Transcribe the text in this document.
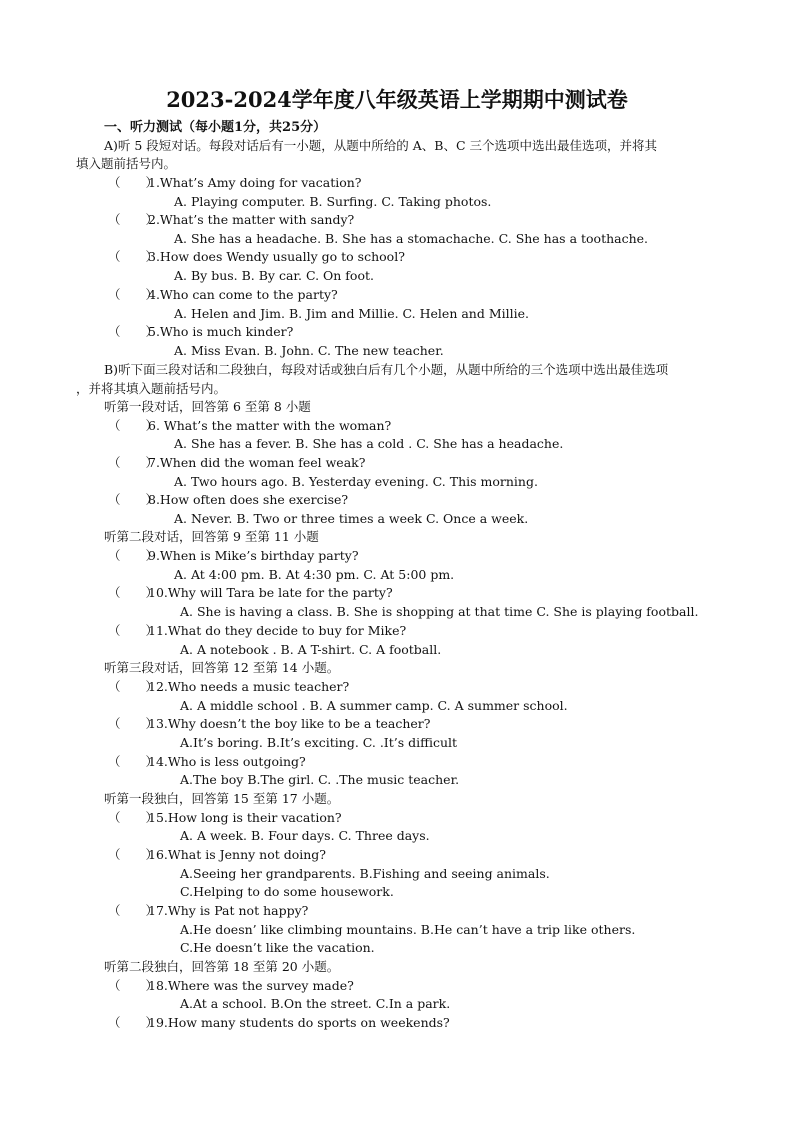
2023-2024学年度八年级英语上学期期中测试卷
一、听力测试（每小题1分，共25分）
A)听 5 段短对话。每段对话后有一小题，从题中所给的 A、B、C 三个选项中选出最佳选项，并将其
填入题前括号内。
（　　）1.What’s Amy doing for vacation?
A. Playing computer. B. Surfing. C. Taking photos.
（　　）2.What’s the matter with sandy?
A. She has a headache. B. She has a stomachache. C. She has a toothache.
（　　）3.How does Wendy usually go to school?
A. By bus. B. By car. C. On foot.
（　　）4.Who can come to the party?
A. Helen and Jim. B. Jim and Millie. C. Helen and Millie.
（　　）5.Who is much kinder?
A. Miss Evan. B. John. C. The new teacher.
B)听下面三段对话和二段独白，每段对话或独白后有几个小题，从题中所给的三个选项中选出最佳选项
，并将其填入题前括号内。
听第一段对话，回答第 6 至第 8 小题
（　　）6. What’s the matter with the woman?
A. She has a fever. B. She has a cold . C. She has a headache.
（　　）7.When did the woman feel weak?
A. Two hours ago. B. Yesterday evening. C. This morning.
（　　）8.How often does she exercise?
A. Never. B. Two or three times a week C. Once a week.
听第二段对话，回答第 9 至第 11 小题
（　　）9.When is Mike’s birthday party?
A. At 4:00 pm. B. At 4:30 pm. C. At 5:00 pm.
（　　）10.Why will Tara be late for the party?
A. She is having a class. B. She is shopping at that time C. She is playing football.
（　　）11.What do they decide to buy for Mike?
A. A notebook . B. A T-shirt. C. A football.
听第三段对话，回答第 12 至第 14 小题。
（　　）12.Who needs a music teacher?
A. A middle school . B. A summer camp. C. A summer school.
（　　）13.Why doesn’t the boy like to be a teacher?
A.It’s boring. B.It’s exciting. C. .It’s difficult
（　　）14.Who is less outgoing?
A.The boy B.The girl. C. .The music teacher.
听第一段独白，回答第 15 至第 17 小题。
（　　）15.How long is their vacation?
A. A week. B. Four days. C. Three days.
（　　）16.What is Jenny not doing?
A.Seeing her grandparents. B.Fishing and seeing animals.
C.Helping to do some housework.
（　　）17.Why is Pat not happy?
A.He doesn’ like climbing mountains. B.He can’t have a trip like others.
C.He doesn’t like the vacation.
听第二段独白，回答第 18 至第 20 小题。
（　　）18.Where was the survey made?
A.At a school. B.On the street. C.In a park.
（　　）19.How many students do sports on weekends?
